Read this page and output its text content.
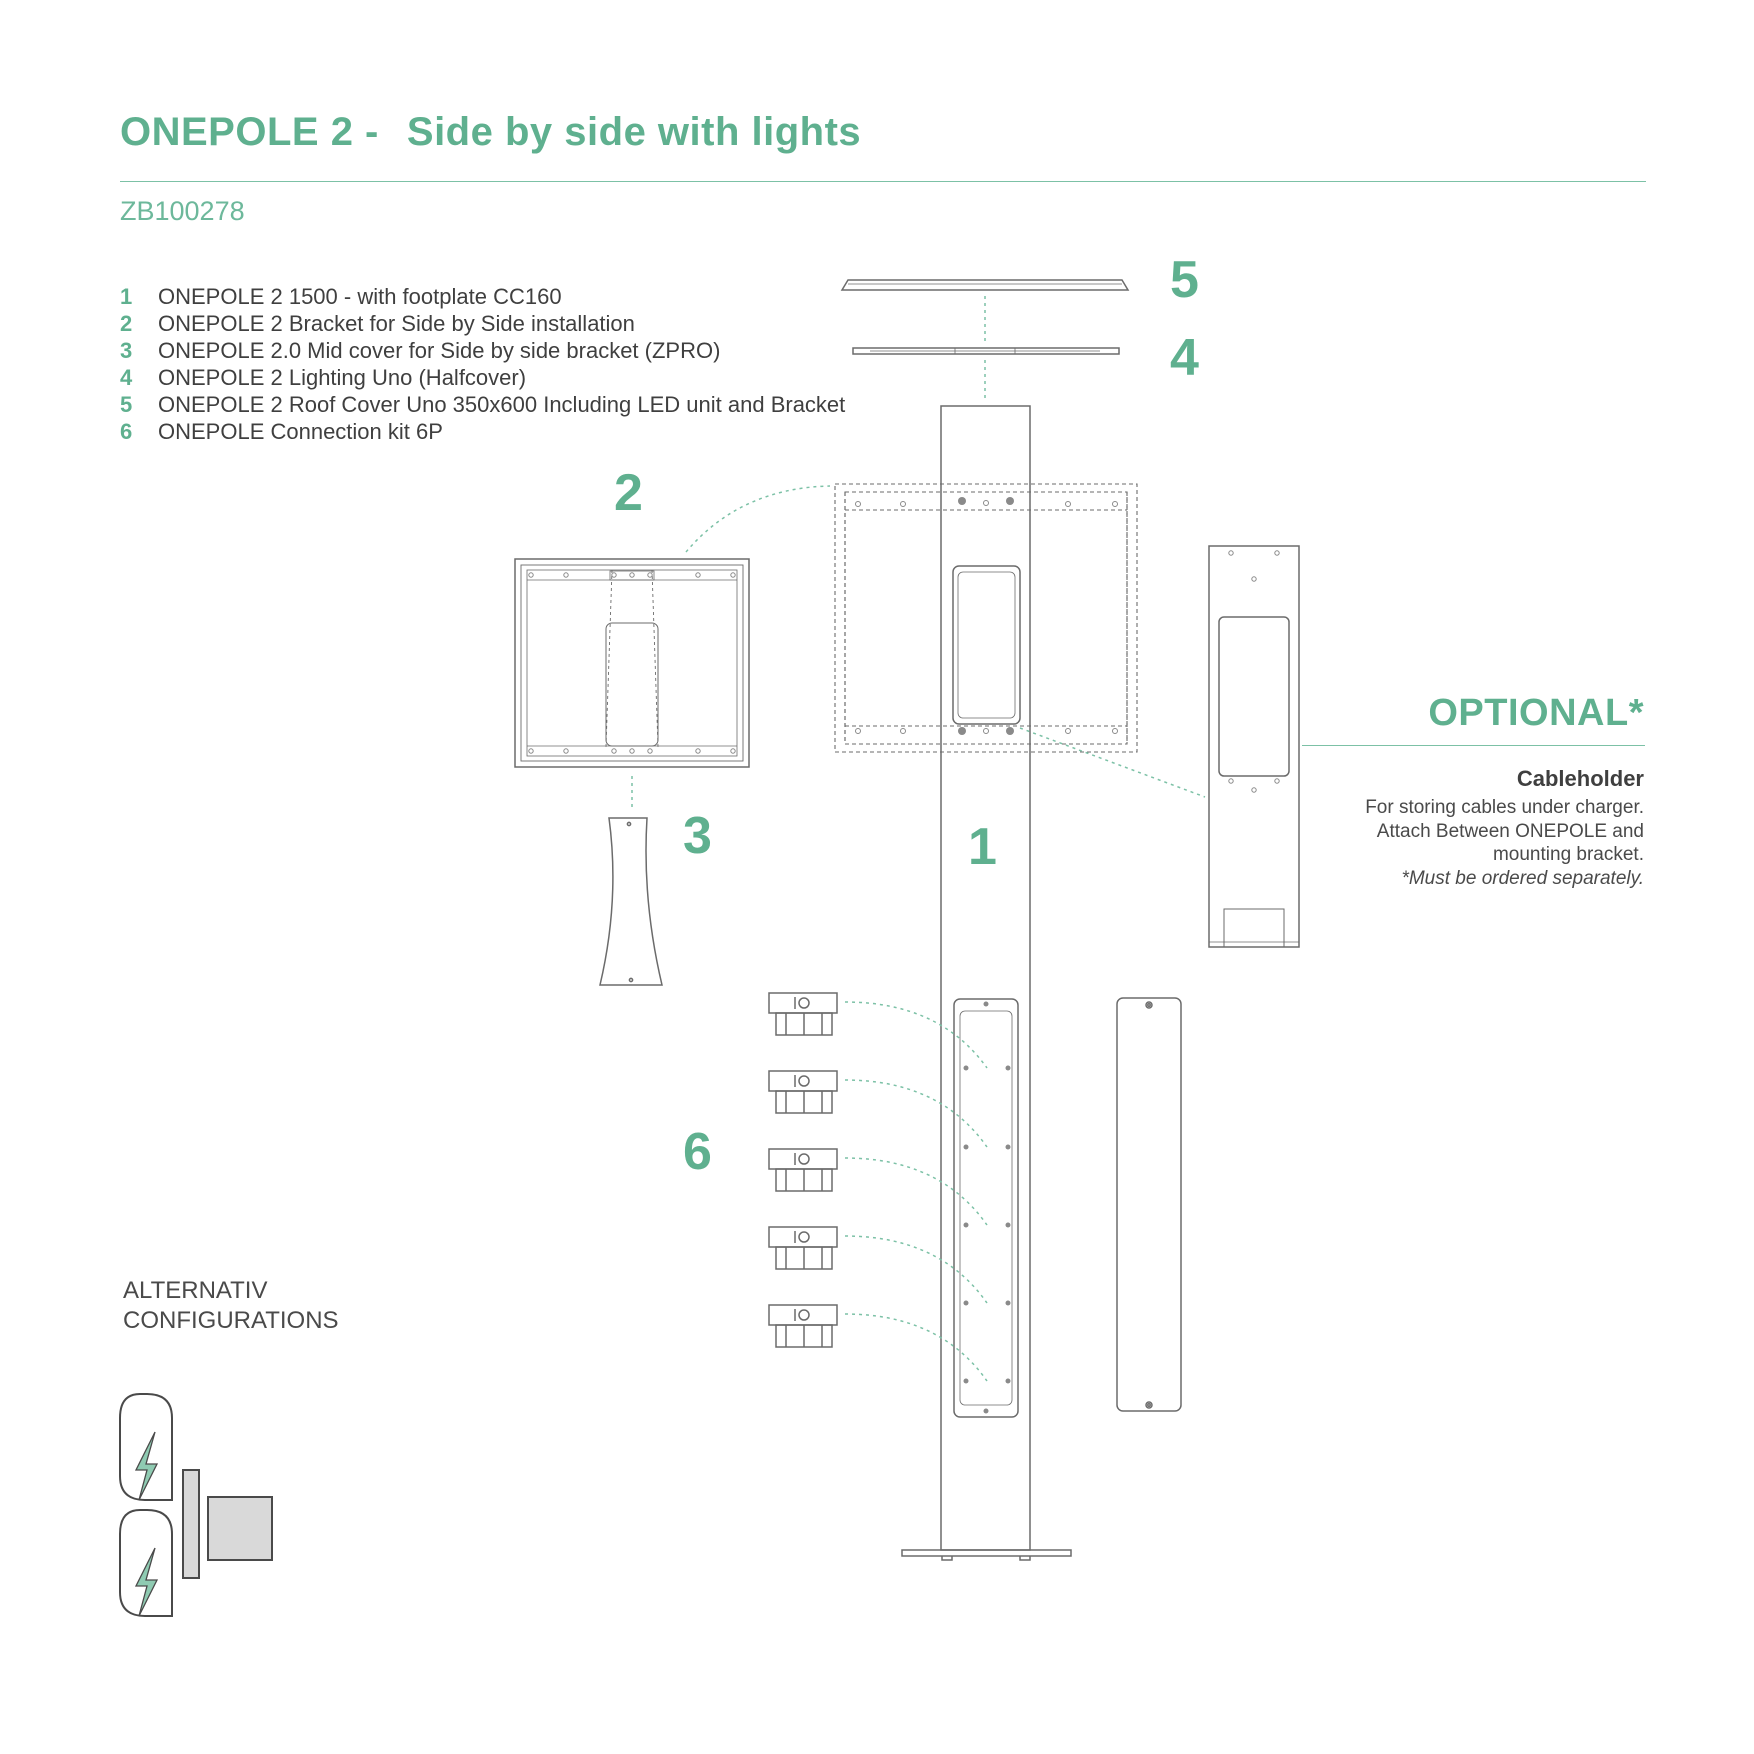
ONEPOLE 2 - Side by side with lights
ZB100278
1 ONEPOLE 2 1500 - with footplate CC160
2 ONEPOLE 2 Bracket for Side by Side installation
3 ONEPOLE 2.0 Mid cover for Side by side bracket (ZPRO)
4 ONEPOLE 2 Lighting Uno (Halfcover)
5 ONEPOLE 2 Roof Cover Uno 350x600 Including LED unit and Bracket
6 ONEPOLE Connection kit 6P
5
4
2
3	1
6
OPTIONAL*
Cableholder
For storing cables under charger.
Attach Between ONEPOLE and
mounting bracket.
*Must be ordered separately.
ALTERNATIV
CONFIGURATIONS
